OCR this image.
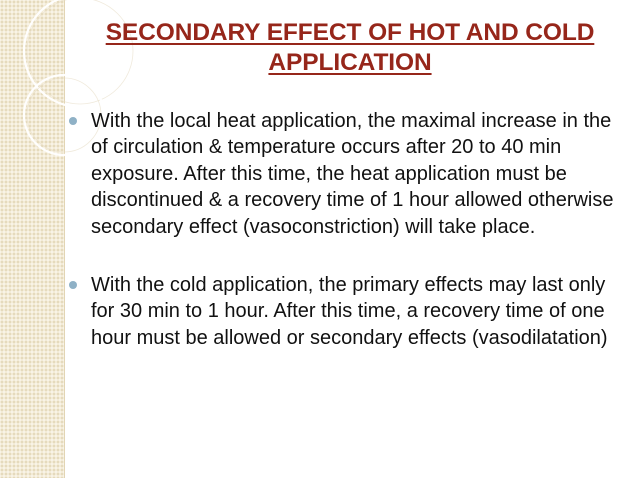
SECONDARY EFFECT OF HOT AND COLD APPLICATION
With the local heat application, the maximal increase in the of circulation & temperature occurs after 20 to 40 min exposure. After this time, the heat application must be discontinued & a recovery time of 1 hour allowed otherwise secondary effect (vasoconstriction) will take place.
With the cold application, the primary effects may last only for 30 min to 1 hour. After this time, a recovery time of one hour must be allowed or secondary effects (vasodilatation)
